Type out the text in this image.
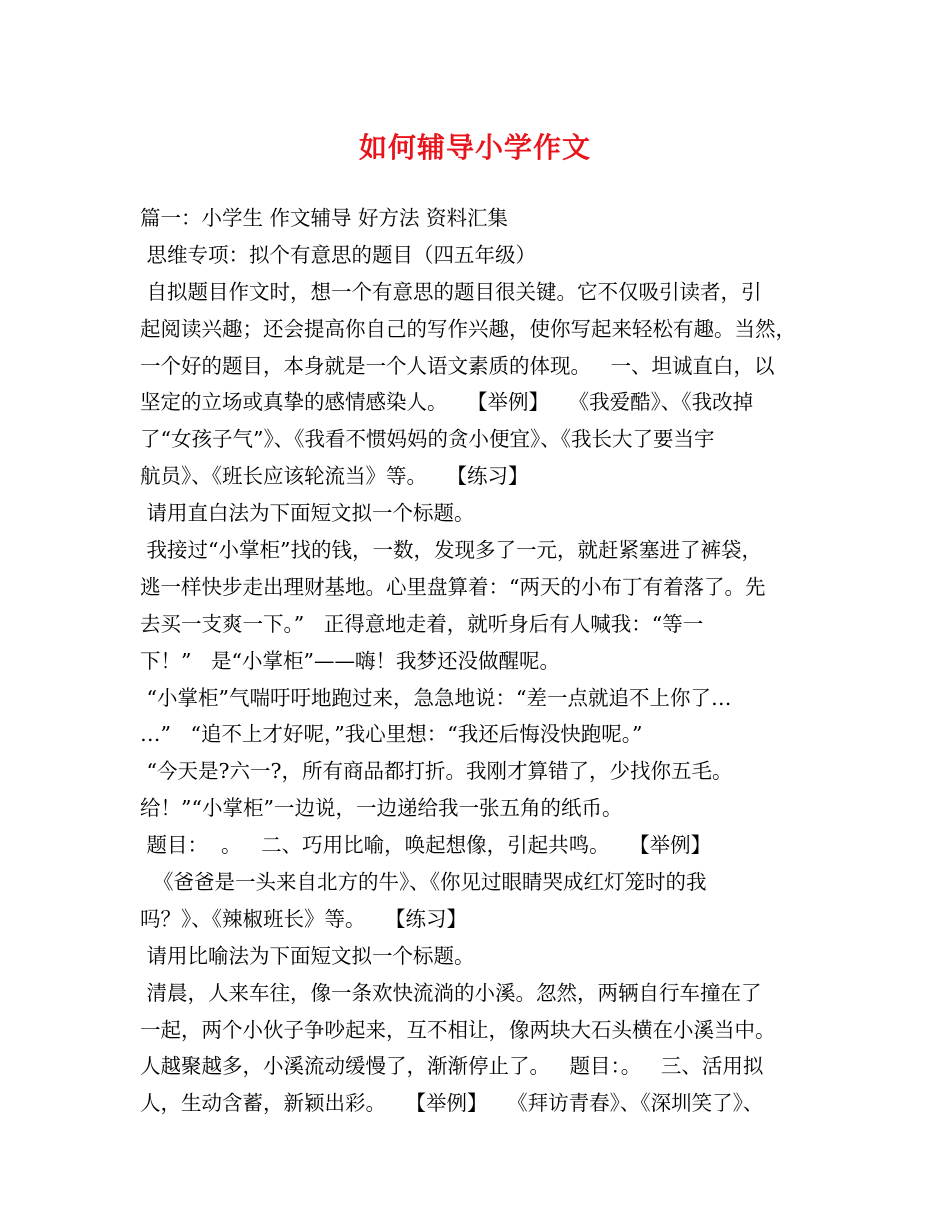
如何辅导小学作文
篇一：小学生 作文辅导 好方法 资料汇集
思维专项：拟个有意思的题目（四五年级）
自拟题目作文时，想一个有意思的题目很关键。它不仅吸引读者，引
起阅读兴趣；还会提高你自己的写作兴趣，使你写起来轻松有趣。当然，
一个好的题目，本身就是一个人语文素质的体现。   一、坦诚直白，以
坚定的立场或真挚的感情感染人。   【举例】   《我爱酷》、《我改掉
了“女孩子气”》、《我看不惯妈妈的贪小便宜》、《我长大了要当宇
航员》、《班长应该轮流当》等。   【练习】
请用直白法为下面短文拟一个标题。
我接过“小掌柜”找的钱，一数，发现多了一元，就赶紧塞进了裤袋，
逃一样快步走出理财基地。心里盘算着：“两天的小布丁有着落了。先
去买一支爽一下。”   正得意地走着，就听身后有人喊我：“等一
下！”   是“小掌柜”——嗨！我梦还没做醒呢。
“小掌柜”气喘吁吁地跑过来，急急地说：“差一点就追不上你了…
…”   “追不上才好呢，”我心里想：“我还后悔没快跑呢。”
“今天是?六一?，所有商品都打折。我刚才算错了，少找你五毛。
给！”“小掌柜”一边说，一边递给我一张五角的纸币。
题目：  。   二、巧用比喻，唤起想像，引起共鸣。   【举例】
《爸爸是一头来自北方的牛》、《你见过眼睛哭成红灯笼时的我
吗？》、《辣椒班长》等。   【练习】
请用比喻法为下面短文拟一个标题。
清晨，人来车往，像一条欢快流淌的小溪。忽然，两辆自行车撞在了
一起，两个小伙子争吵起来，互不相让，像两块大石头横在小溪当中。
人越聚越多，小溪流动缓慢了，渐渐停止了。   题目：。   三、活用拟
人，生动含蓄，新颖出彩。   【举例】   《拜访青春》、《深圳笑了》、
